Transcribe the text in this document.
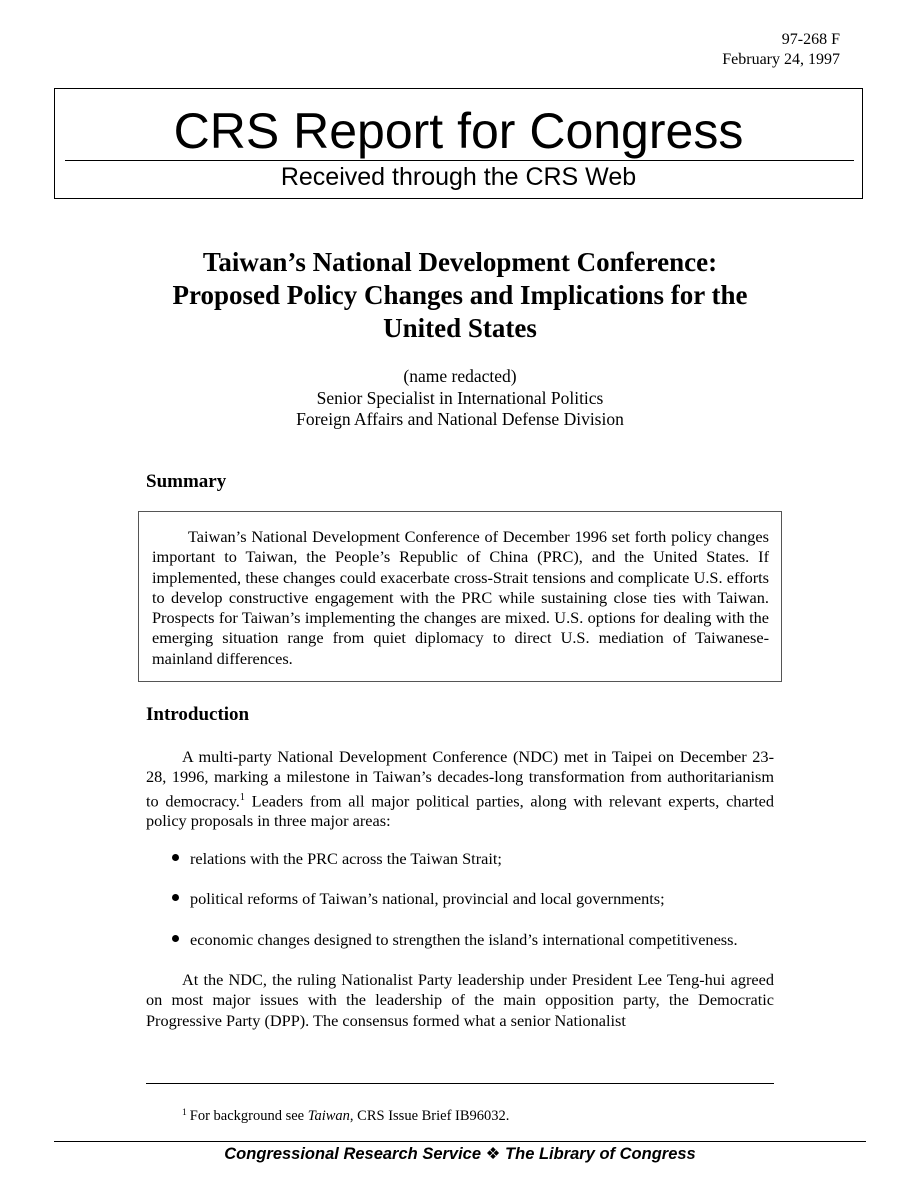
97-268 F
February 24, 1997
CRS Report for Congress
Received through the CRS Web
Taiwan’s National Development Conference:
Proposed Policy Changes and Implications for the
United States
(name redacted)
Senior Specialist in International Politics
Foreign Affairs and National Defense Division
Summary

Taiwan’s National Development Conference of December 1996 set forth policy changes important to Taiwan, the People’s Republic of China (PRC), and the United States. If implemented, these changes could exacerbate cross-Strait tensions and complicate U.S. efforts to develop constructive engagement with the PRC while sustaining close ties with Taiwan. Prospects for Taiwan’s implementing the changes are mixed. U.S. options for dealing with the emerging situation range from quiet diplomacy to direct U.S. mediation of Taiwanese-mainland differences.

Introduction

A multi-party National Development Conference (NDC) met in Taipei on December 23-28, 1996, marking a milestone in Taiwan’s decades-long transformation from authoritarianism to democracy.$^1$ Leaders from all major political parties, along with relevant experts, charted policy proposals in three major areas:

relations with the PRC across the Taiwan Strait;
political reforms of Taiwan’s national, provincial and local governments;
economic changes designed to strengthen the island’s international competitiveness.

At the NDC, the ruling Nationalist Party leadership under President Lee Teng-hui agreed on most major issues with the leadership of the main opposition party, the Democratic Progressive Party (DPP). The consensus formed what a senior Nationalist

$^1$ For background see Taiwan, CRS Issue Brief IB96032.
Congressional Research Service ❖ The Library of Congress
